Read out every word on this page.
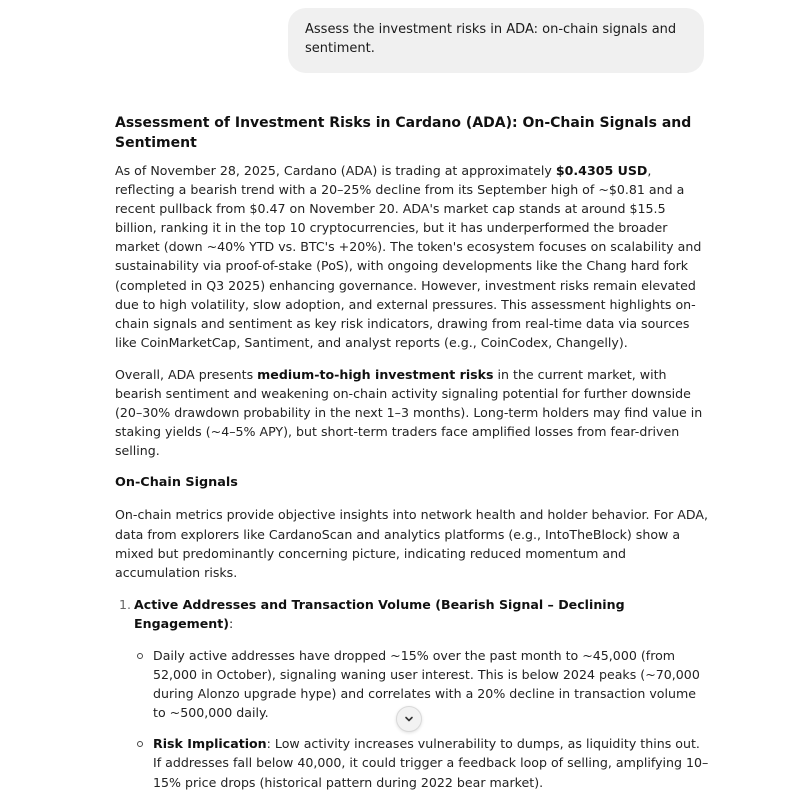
Assess the investment risks in ADA: on-chain signals and sentiment.
Assessment of Investment Risks in Cardano (ADA): On-Chain Signals and Sentiment

As of November 28, 2025, Cardano (ADA) is trading at approximately $0.4305 USD, reflecting a bearish trend with a 20–25% decline from its September high of ~$0.81 and a recent pullback from $0.47 on November 20. ADA's market cap stands at around $15.5 billion, ranking it in the top 10 cryptocurrencies, but it has underperformed the broader market (down ~40% YTD vs. BTC's +20%). The token's ecosystem focuses on scalability and sustainability via proof-of-stake (PoS), with ongoing developments like the Chang hard fork (completed in Q3 2025) enhancing governance. However, investment risks remain elevated due to high volatility, slow adoption, and external pressures. This assessment highlights on-chain signals and sentiment as key risk indicators, drawing from real-time data via sources like CoinMarketCap, Santiment, and analyst reports (e.g., CoinCodex, Changelly).

Overall, ADA presents medium-to-high investment risks in the current market, with bearish sentiment and weakening on-chain activity signaling potential for further downside (20–30% drawdown probability in the next 1–3 months). Long-term holders may find value in staking yields (~4–5% APY), but short-term traders face amplified losses from fear-driven selling.

On-Chain Signals

On-chain metrics provide objective insights into network health and holder behavior. For ADA, data from explorers like CardanoScan and analytics platforms (e.g., IntoTheBlock) show a mixed but predominantly concerning picture, indicating reduced momentum and accumulation risks.

1. Active Addresses and Transaction Volume (Bearish Signal – Declining Engagement):
Daily active addresses have dropped ~15% over the past month to ~45,000 (from 52,000 in October), signaling waning user interest. This is below 2024 peaks (~70,000 during Alonzo upgrade hype) and correlates with a 20% decline in transaction volume to ~500,000 daily.
Risk Implication: Low activity increases vulnerability to dumps, as liquidity thins out. If addresses fall below 40,000, it could trigger a feedback loop of selling, amplifying 10–15% price drops (historical pattern during 2022 bear market).
